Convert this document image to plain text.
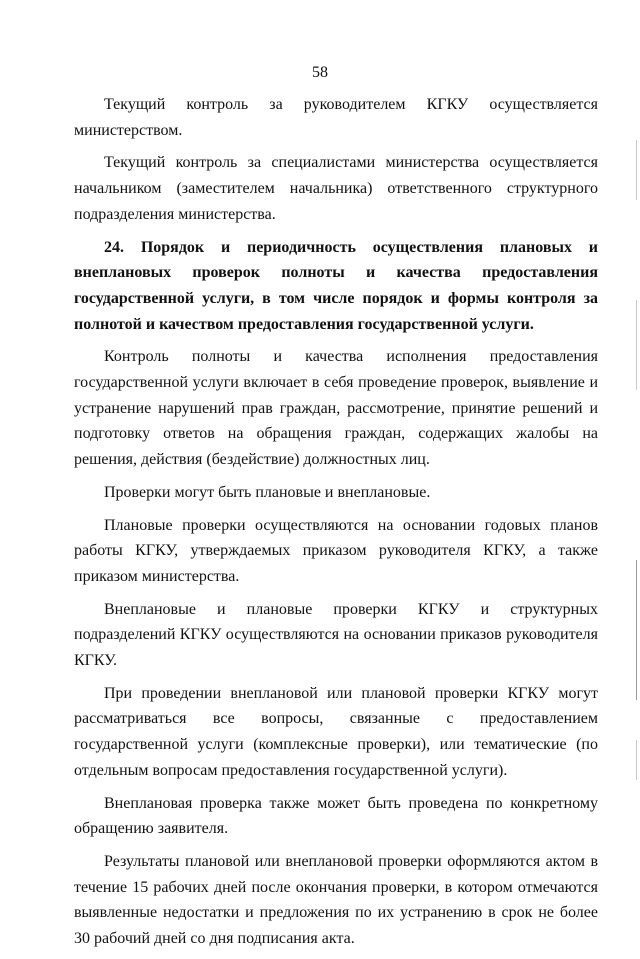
58

Текущий контроль за руководителем КГКУ осуществляется министерством.

Текущий контроль за специалистами министерства осуществляется начальником (заместителем начальника) ответственного структурного подразделения министерства.

24. Порядок и периодичность осуществления плановых и внеплановых проверок полноты и качества предоставления государственной услуги, в том числе порядок и формы контроля за полнотой и качеством предоставления государственной услуги.

Контроль полноты и качества исполнения предоставления государственной услуги включает в себя проведение проверок, выявление и устранение нарушений прав граждан, рассмотрение, принятие решений и подготовку ответов на обращения граждан, содержащих жалобы на решения, действия (бездействие) должностных лиц.

Проверки могут быть плановые и внеплановые.

Плановые проверки осуществляются на основании годовых планов работы КГКУ, утверждаемых приказом руководителя КГКУ, а также приказом министерства.

Внеплановые и плановые проверки КГКУ и структурных подразделений КГКУ осуществляются на основании приказов руководителя КГКУ.

При проведении внеплановой или плановой проверки КГКУ могут рассматриваться все вопросы, связанные с предоставлением государственной услуги (комплексные проверки), или тематические (по отдельным вопросам предоставления государственной услуги).

Внеплановая проверка также может быть проведена по конкретному обращению заявителя.

Результаты плановой или внеплановой проверки оформляются актом в течение 15 рабочих дней после окончания проверки, в котором отмечаются выявленные недостатки и предложения по их устранению в срок не более 30 рабочий дней со дня подписания акта.
